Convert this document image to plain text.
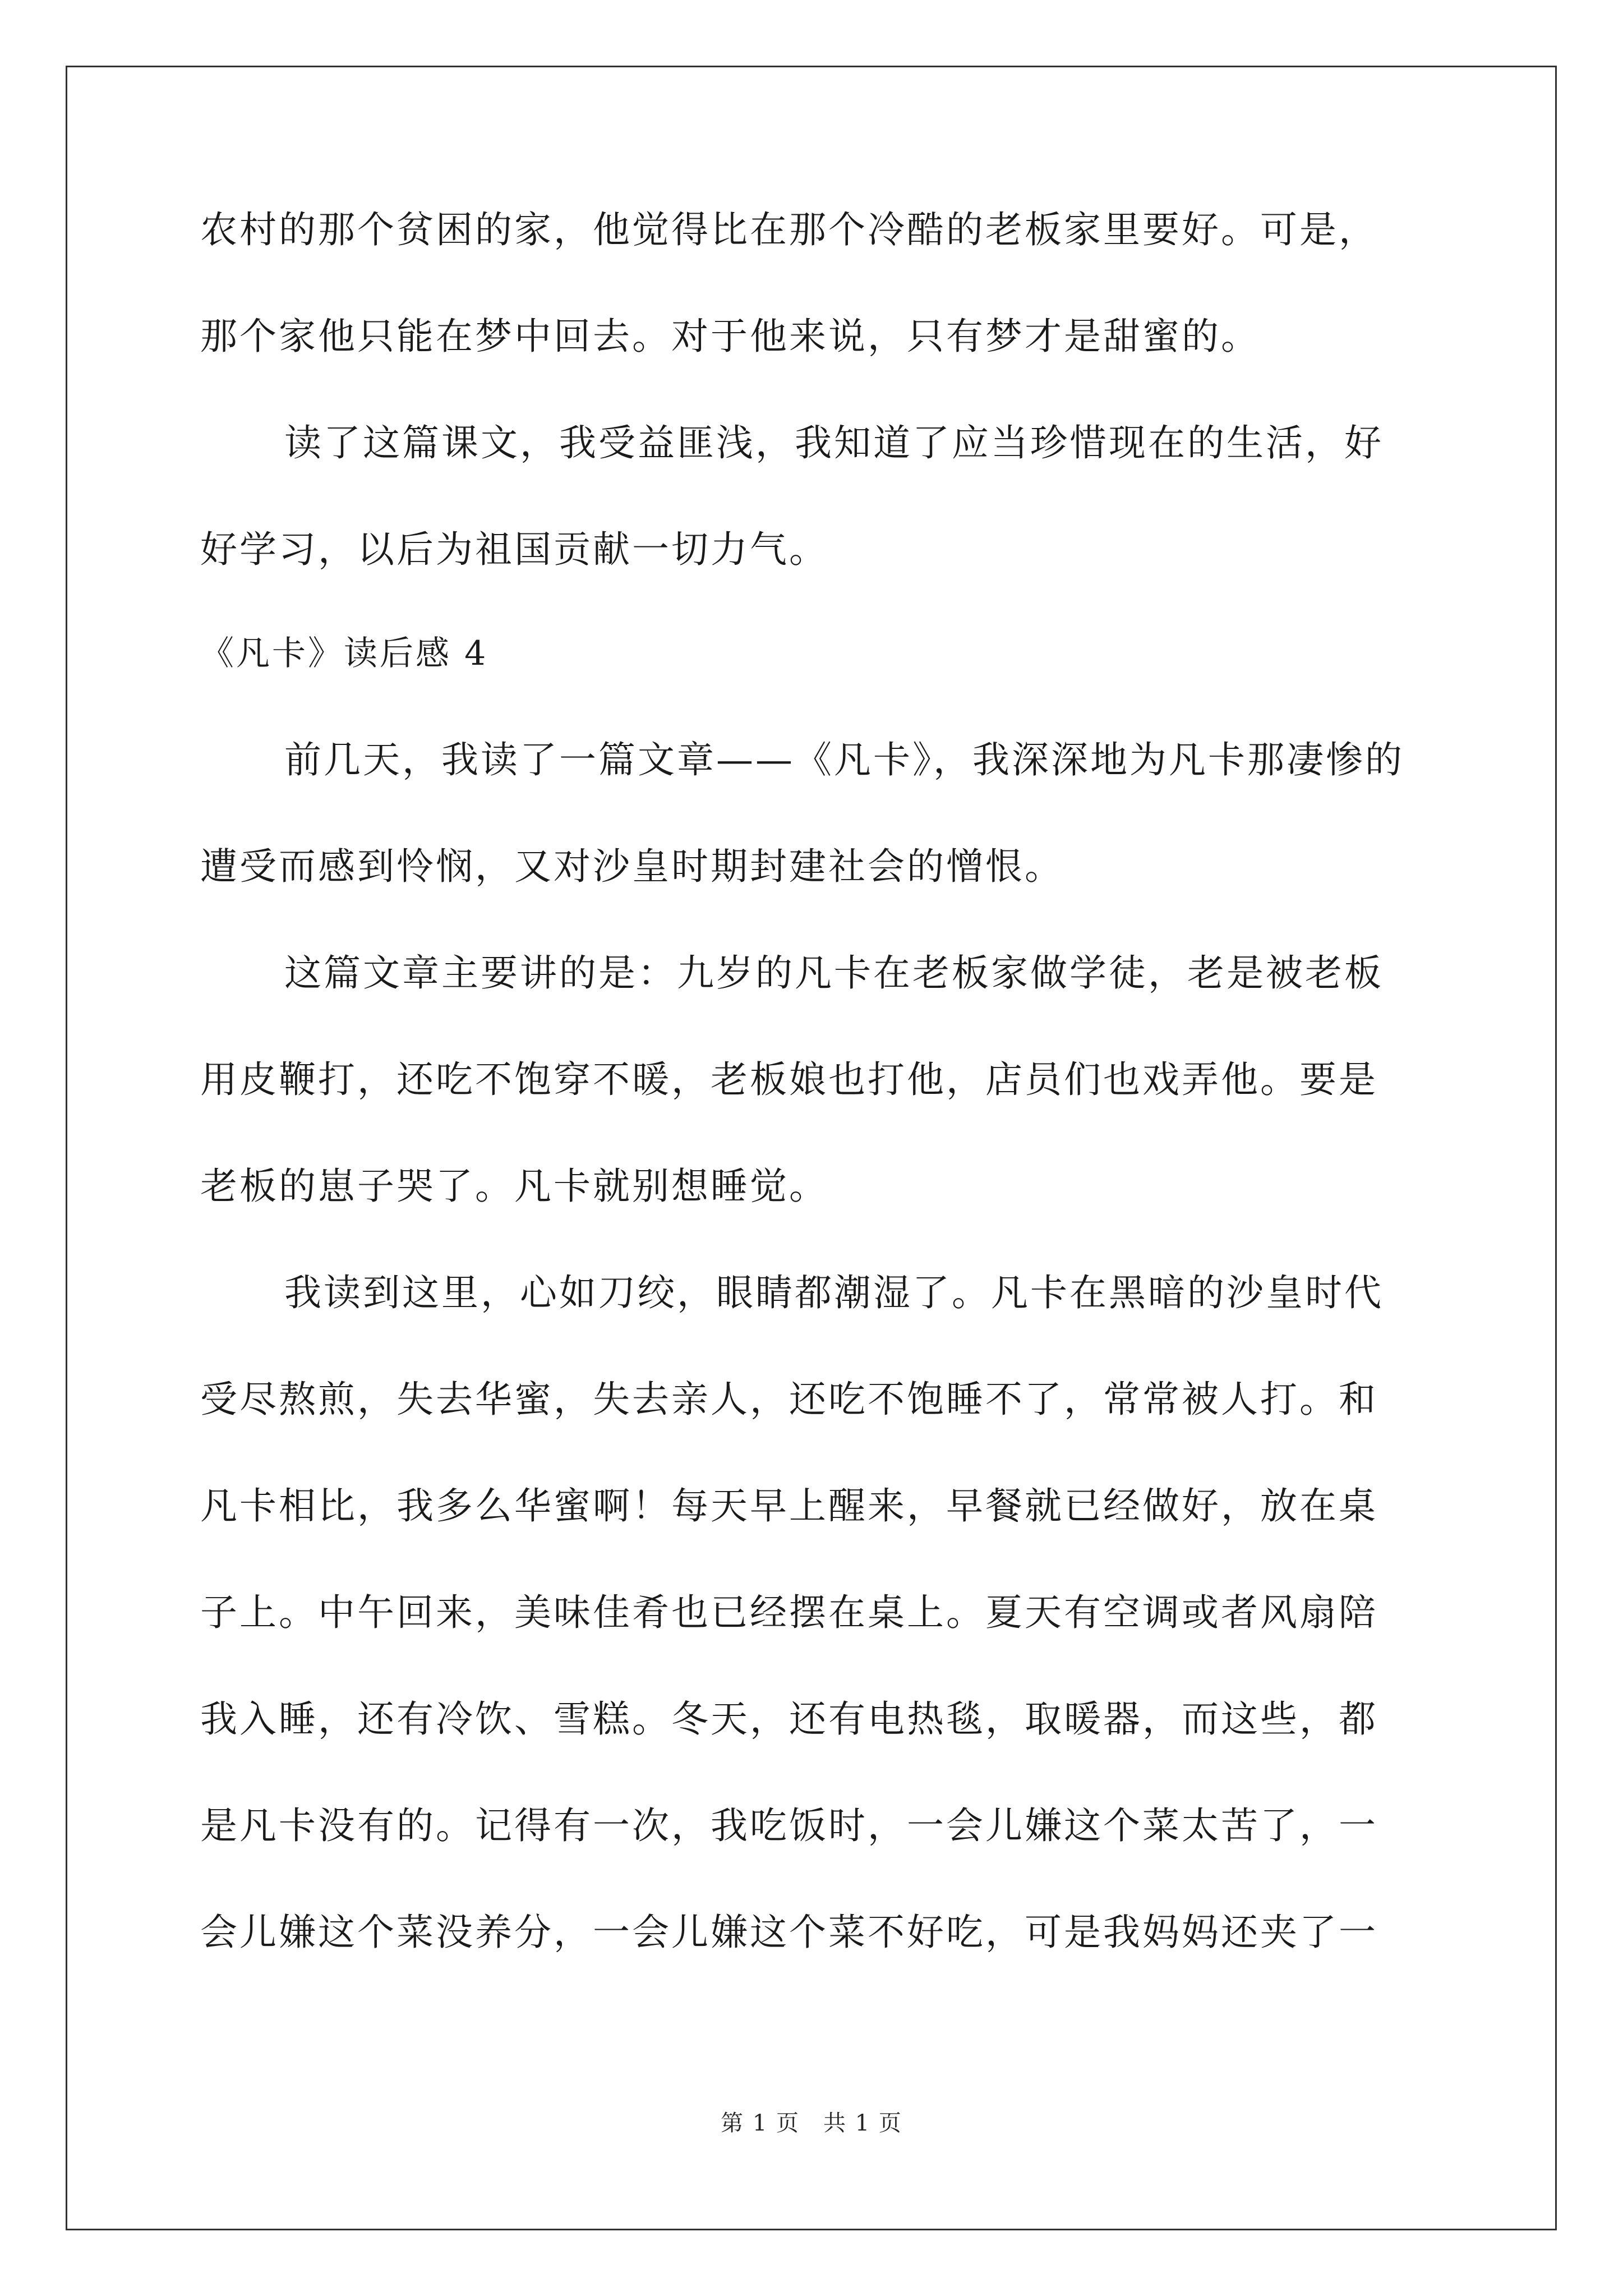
农村的那个贫困的家，他觉得比在那个冷酷的老板家里要好。可是，
那个家他只能在梦中回去。对于他来说，只有梦才是甜蜜的。
读了这篇课文，我受益匪浅，我知道了应当珍惜现在的生活，好
好学习，以后为祖国贡献一切力气。
《凡卡》读后感 4
前几天，我读了一篇文章——《凡卡》，我深深地为凡卡那凄惨的
遭受而感到怜悯，又对沙皇时期封建社会的憎恨。
这篇文章主要讲的是：九岁的凡卡在老板家做学徒，老是被老板
用皮鞭打，还吃不饱穿不暖，老板娘也打他，店员们也戏弄他。要是
老板的崽子哭了。凡卡就别想睡觉。
我读到这里，心如刀绞，眼睛都潮湿了。凡卡在黑暗的沙皇时代
受尽熬煎，失去华蜜，失去亲人，还吃不饱睡不了，常常被人打。和
凡卡相比，我多么华蜜啊！每天早上醒来，早餐就已经做好，放在桌
子上。中午回来，美味佳肴也已经摆在桌上。夏天有空调或者风扇陪
我入睡，还有冷饮、雪糕。冬天，还有电热毯，取暖器，而这些，都
是凡卡没有的。记得有一次，我吃饭时，一会儿嫌这个菜太苦了，一
会儿嫌这个菜没养分，一会儿嫌这个菜不好吃，可是我妈妈还夹了一
第 1 页　共 1 页
